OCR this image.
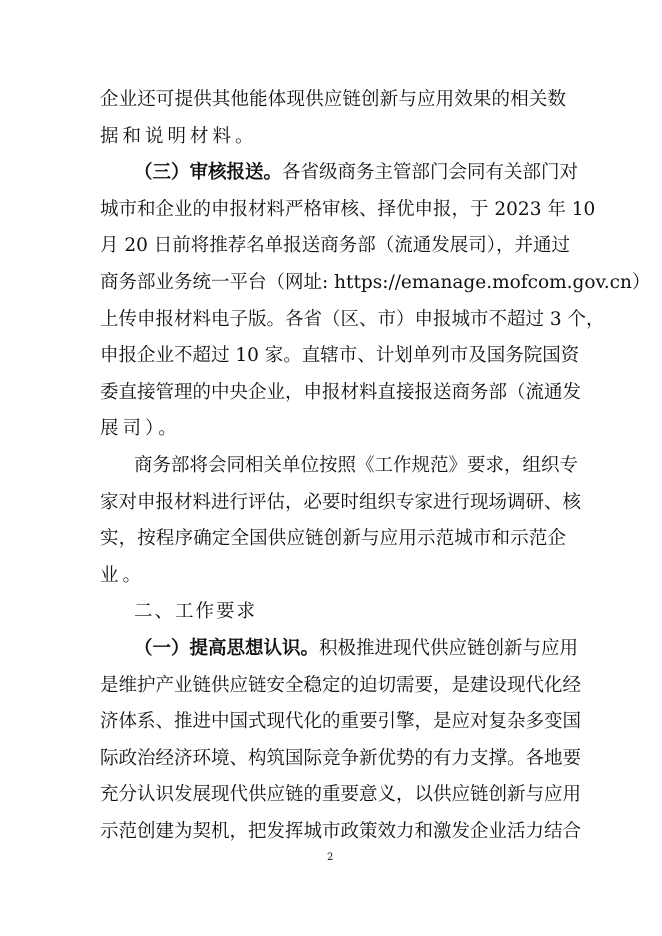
企业还可提供其他能体现供应链创新与应用效果的相关数
据和说明材料。
（三）审核报送。各省级商务主管部门会同有关部门对
城市和企业的申报材料严格审核、择优申报，于 2023 年 10
月 20 日前将推荐名单报送商务部（流通发展司），并通过
商务部业务统一平台（网址: https://emanage.mofcom.gov.cn）
上传申报材料电子版。各省（区、市）申报城市不超过 3 个，
申报企业不超过 10 家。直辖市、计划单列市及国务院国资
委直接管理的中央企业，申报材料直接报送商务部（流通发
展司）。
商务部将会同相关单位按照《工作规范》要求，组织专
家对申报材料进行评估，必要时组织专家进行现场调研、核
实，按程序确定全国供应链创新与应用示范城市和示范企
业。
二、工作要求
（一）提高思想认识。积极推进现代供应链创新与应用
是维护产业链供应链安全稳定的迫切需要，是建设现代化经
济体系、推进中国式现代化的重要引擎，是应对复杂多变国
际政治经济环境、构筑国际竞争新优势的有力支撑。各地要
充分认识发展现代供应链的重要意义，以供应链创新与应用
示范创建为契机，把发挥城市政策效力和激发企业活力结合
2
